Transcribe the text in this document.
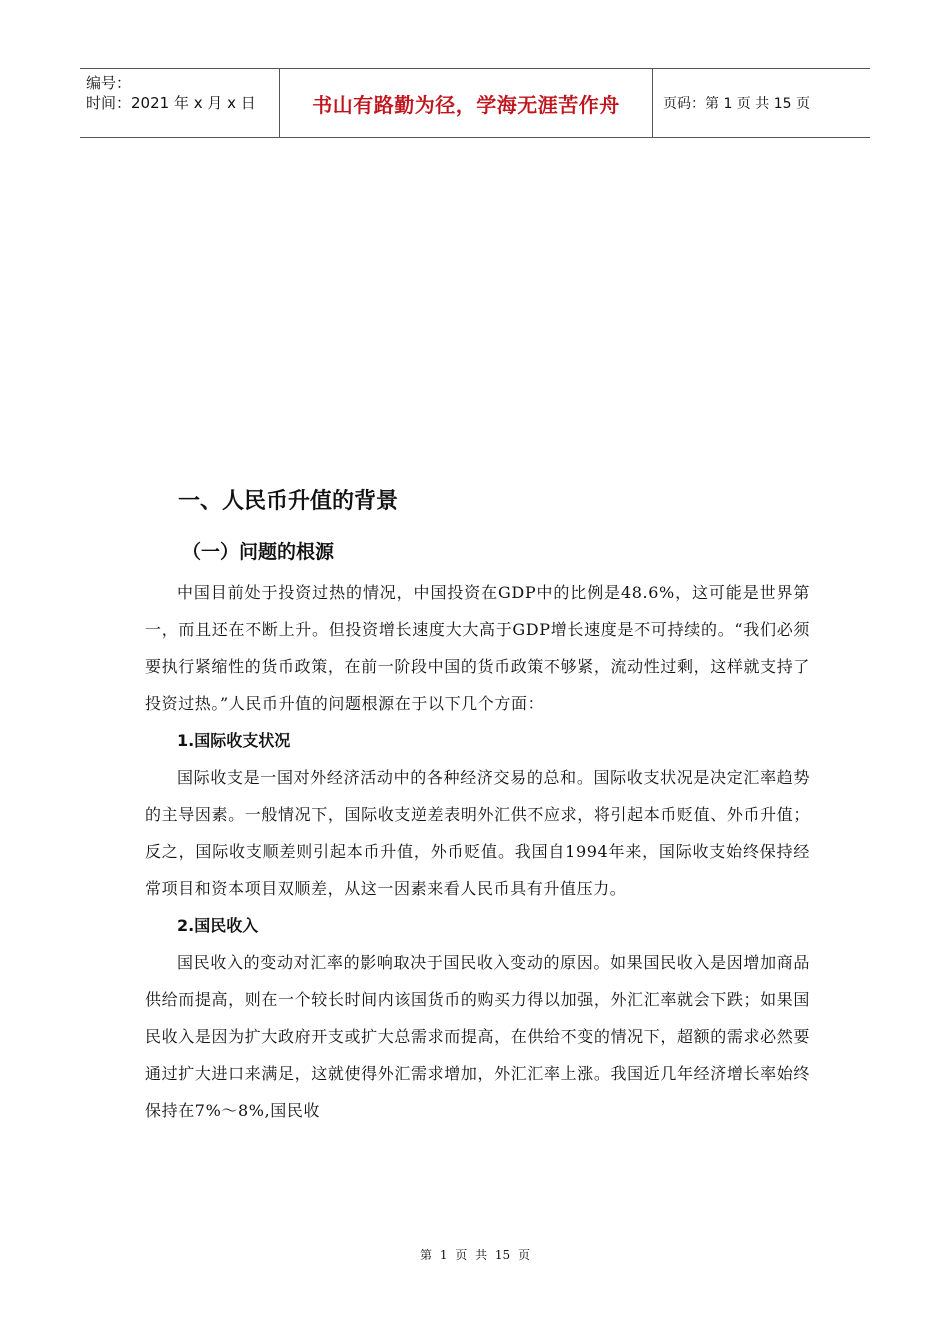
编号：
时间：2021 年 x 月 x 日	书山有路勤为径，学海无涯苦作舟	页码：第 1 页 共 15 页
一、人民币升值的背景
（一）问题的根源

中国目前处于投资过热的情况，中国投资在GDP中的比例是48.6%，这可能是世界第一，而且还在不断上升。但投资增长速度大大高于GDP增长速度是不可持续的。“我们必须要执行紧缩性的货币政策，在前一阶段中国的货币政策不够紧，流动性过剩，这样就支持了投资过热。”人民币升值的问题根源在于以下几个方面：

1.国际收支状况

国际收支是一国对外经济活动中的各种经济交易的总和。国际收支状况是决定汇率趋势的主导因素。一般情况下，国际收支逆差表明外汇供不应求，将引起本币贬值、外币升值；反之，国际收支顺差则引起本币升值，外币贬值。我国自1994年来，国际收支始终保持经常项目和资本项目双顺差，从这一因素来看人民币具有升值压力。

2.国民收入

国民收入的变动对汇率的影响取决于国民收入变动的原因。如果国民收入是因增加商品供给而提高，则在一个较长时间内该国货币的购买力得以加强，外汇汇率就会下跌；如果国民收入是因为扩大政府开支或扩大总需求而提高，在供给不变的情况下，超额的需求必然要通过扩大进口来满足，这就使得外汇需求增加，外汇汇率上涨。我国近几年经济增长率始终保持在7%～8%,国民收

第 1 页 共 15 页
